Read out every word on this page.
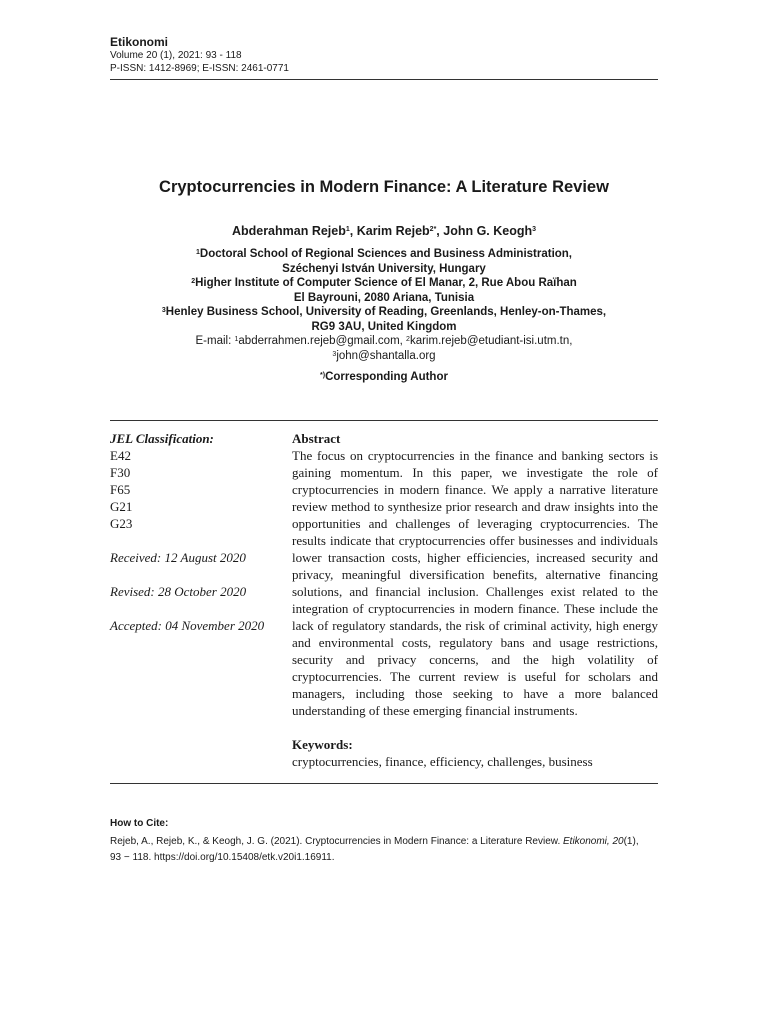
Etikonomi
Volume 20 (1), 2021: 93 - 118
P-ISSN: 1412-8969; E-ISSN: 2461-0771
Cryptocurrencies in Modern Finance: A Literature Review
Abderahman Rejeb$^1$, Karim Rejeb$^{2*}$, John G. Keogh$^3$
$^1$Doctoral School of Regional Sciences and Business Administration,
Széchenyi István University, Hungary
$^2$Higher Institute of Computer Science of El Manar, 2, Rue Abou Raïhan
El Bayrouni, 2080 Ariana, Tunisia
$^3$Henley Business School, University of Reading, Greenlands, Henley-on-Thames,
RG9 3AU, United Kingdom
E-mail: $^1$abderrahmen.rejeb@gmail.com, $^2$karim.rejeb@etudiant-isi.utm.tn,
$^3$john@shantalla.org
*)Corresponding Author
JEL Classification:
E42
F30
F65
G21
G23
Received: 12 August 2020
Revised: 28 October 2020
Accepted: 04 November 2020
Abstract
The focus on cryptocurrencies in the finance and banking sectors is gaining momentum. In this paper, we investigate the role of cryptocurrencies in modern finance. We apply a narrative literature review method to synthesize prior research and draw insights into the opportunities and challenges of leveraging cryptocurrencies. The results indicate that cryptocurrencies offer businesses and individuals lower transaction costs, higher efficiencies, increased security and privacy, meaningful diversification benefits, alternative financing solutions, and financial inclusion. Challenges exist related to the integration of cryptocurrencies in modern finance. These include the lack of regulatory standards, the risk of criminal activity, high energy and environmental costs, regulatory bans and usage restrictions, security and privacy concerns, and the high volatility of cryptocurrencies. The current review is useful for scholars and managers, including those seeking to have a more balanced understanding of these emerging financial instruments.
Keywords:
cryptocurrencies, finance, efficiency, challenges, business
How to Cite:
Rejeb, A., Rejeb, K., & Keogh, J. G. (2021). Cryptocurrencies in Modern Finance: a Literature Review. Etikonomi, 20(1),
93 − 118. https://doi.org/10.15408/etk.v20i1.16911.
